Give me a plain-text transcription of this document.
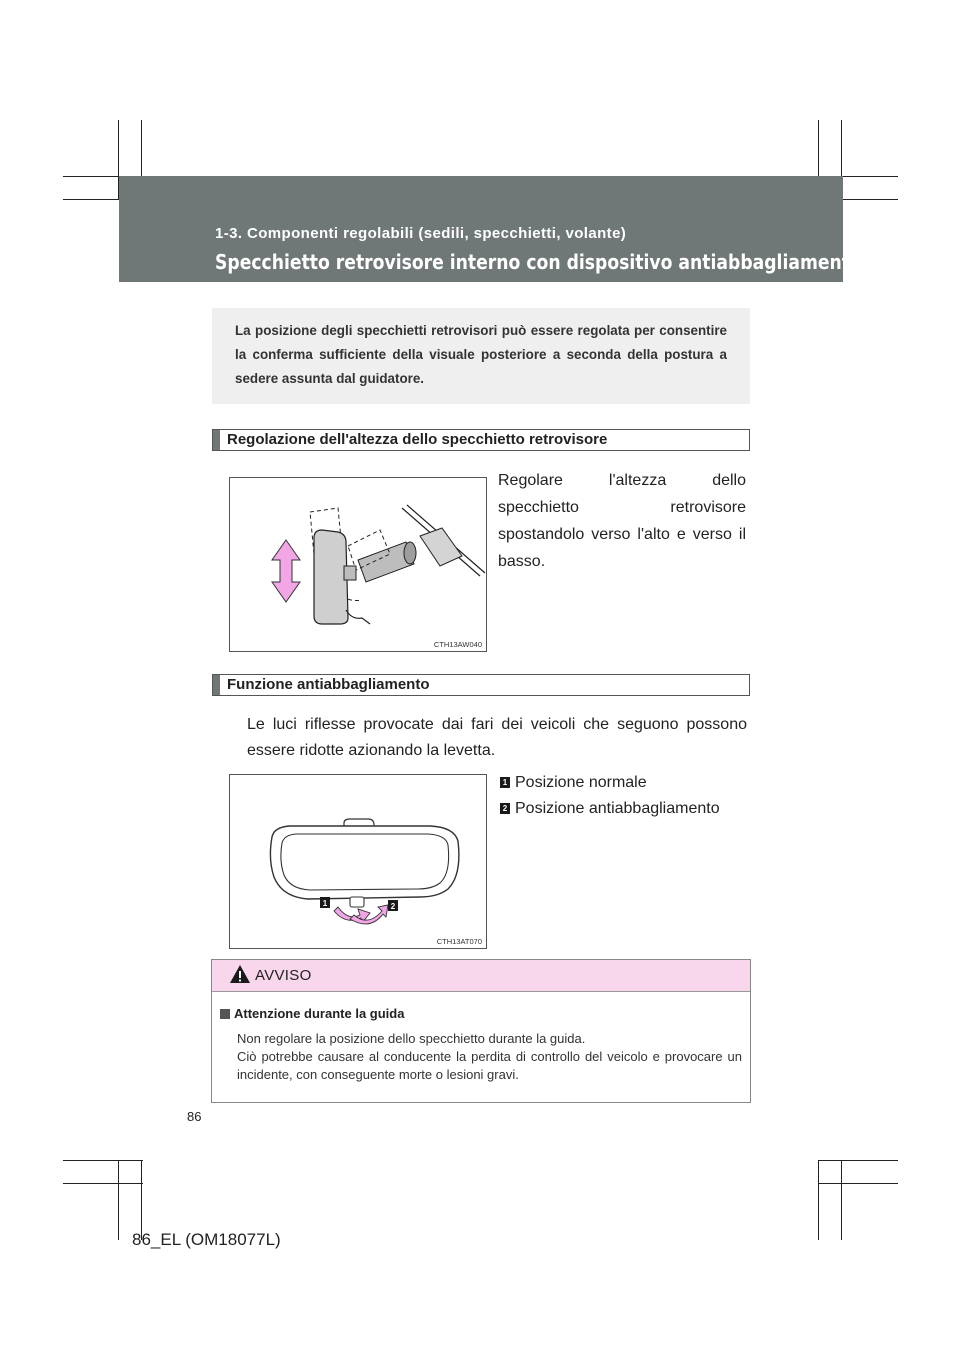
1-3. Componenti regolabili (sedili, specchietti, volante)
Specchietto retrovisore interno con dispositivo antiabbagliamento
La posizione degli specchietti retrovisori può essere regolata per consentire la conferma sufficiente della visuale posteriore a seconda della postura a sedere assunta dal guidatore.
Regolazione dell'altezza dello specchietto retrovisore
CTH13AW040
Regolare l'altezza dello specchietto retrovisore spostandolo verso l'alto e verso il basso.
Funzione antiabbagliamento
Le luci riflesse provocate dai fari dei veicoli che seguono possono essere ridotte azionando la levetta.
1 Posizione normale
2 Posizione antiabbagliamento
1	2
CTH13AT070
AVVISO
Attenzione durante la guida
Non regolare la posizione dello specchietto durante la guida.
Ciò potrebbe causare al conducente la perdita di controllo del veicolo e provocare un incidente, con conseguente morte o lesioni gravi.
86
86_EL (OM18077L)
